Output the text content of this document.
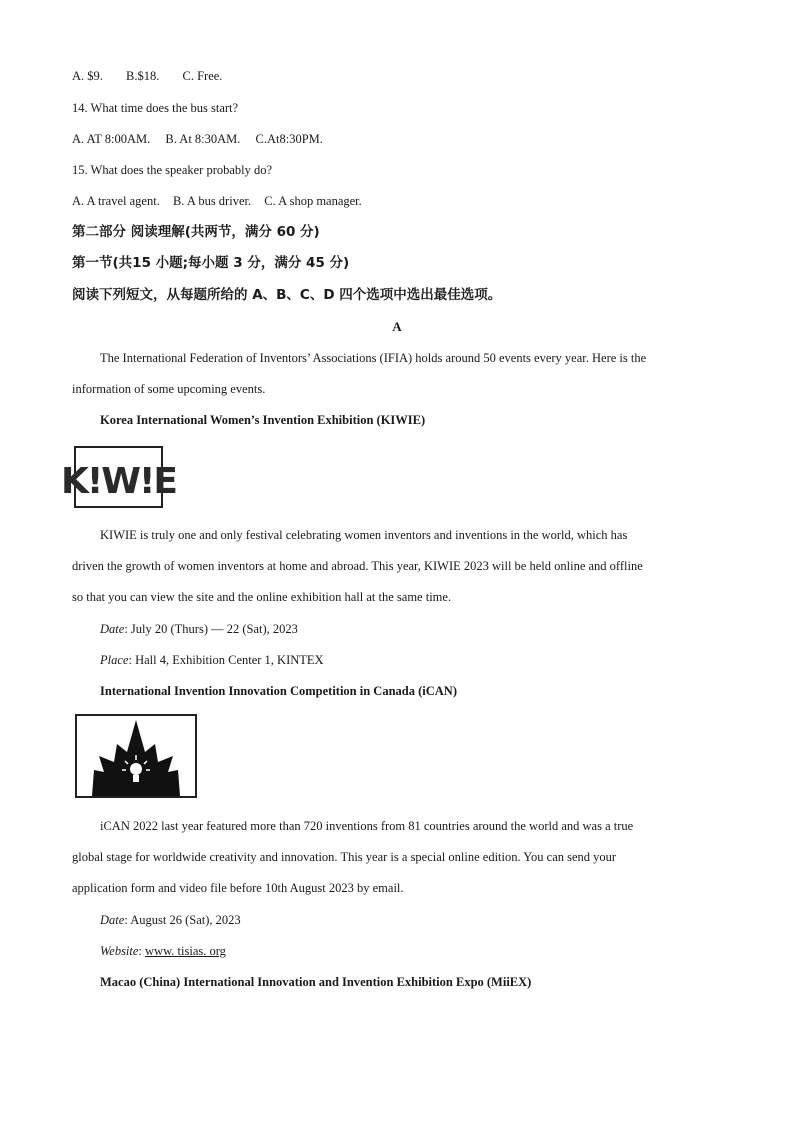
A. $9. B.$18. C. Free.
14. What time does the bus start?
A. AT 8:00AM. B. At 8:30AM. C.At8:30PM.
15. What does the speaker probably do?
A. A travel agent. B. A bus driver. C. A shop manager.
第二部分 阅读理解(共两节，满分 60 分)
第一节(共15 小题;每小题 3 分，满分 45 分)
阅读下列短文，从每题所给的 A、B、C、D 四个选项中选出最佳选项。
A
The International Federation of Inventors’ Associations (IFIA) holds around 50 events every year. Here is the
information of some upcoming events.
Korea International Women’s Invention Exhibition (KIWIE)
K!W!E
KIWIE is truly one and only festival celebrating women inventors and inventions in the world, which has
driven the growth of women inventors at home and abroad. This year, KIWIE 2023 will be held online and offline
so that you can view the site and the online exhibition hall at the same time.
Date: July 20 (Thurs) — 22 (Sat), 2023
Place: Hall 4, Exhibition Center 1, KINTEX
International Invention Innovation Competition in Canada (iCAN)
iCAN 2022 last year featured more than 720 inventions from 81 countries around the world and was a true
global stage for worldwide creativity and innovation. This year is a special online edition. You can send your
application form and video file before 10th August 2023 by email.
Date: August 26 (Sat), 2023
Website: www. tisias. org
Macao (China) International Innovation and Invention Exhibition Expo (MiiEX)
